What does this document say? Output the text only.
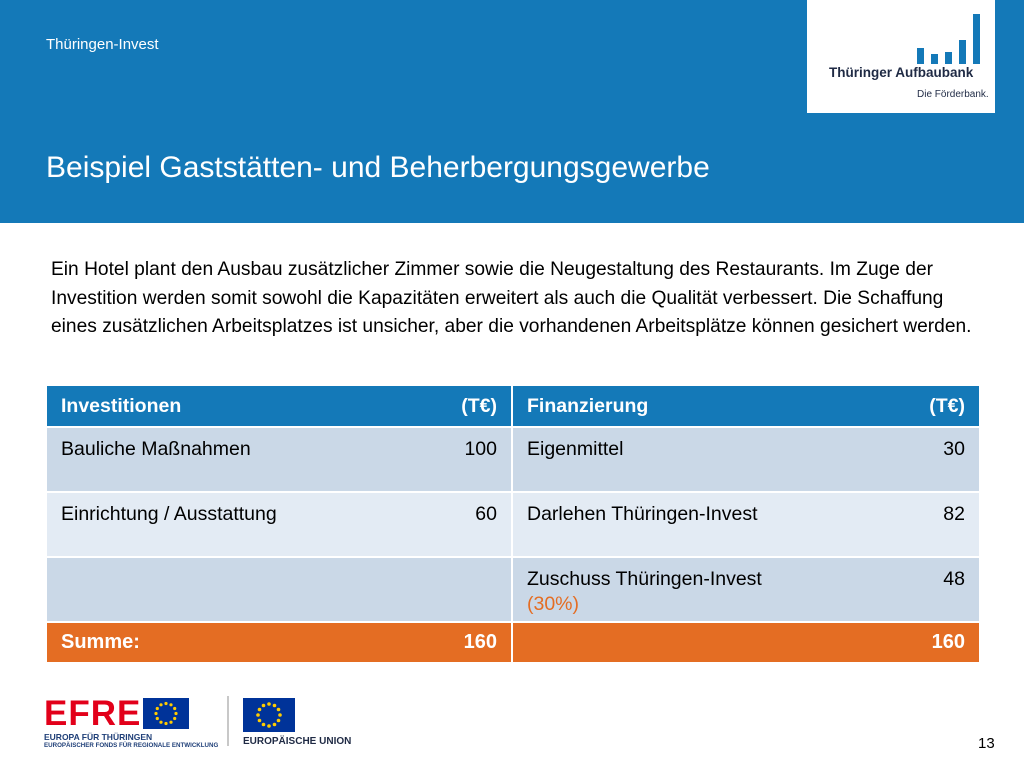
Thüringen-Invest
Beispiel Gaststätten- und Beherbergungsgewerbe
Thüringer Aufbaubank
Die Förderbank.

Ein Hotel plant den Ausbau zusätzlicher Zimmer sowie die Neugestaltung des Restaurants. Im Zuge der Investition werden somit sowohl die Kapazitäten erweitert als auch die Qualität verbessert. Die Schaffung eines zusätzlichen Arbeitsplatzes ist unsicher, aber die vorhandenen Arbeitsplätze können gesichert werden.

Investitionen (T€)	Finanzierung (T€)

Bauliche Maßnahmen 100	Eigenmittel 30

Einrichtung / Ausstattung 60	Darlehen Thüringen-Invest 82

	Zuschuss Thüringen-Invest 48
(30%)

Summe: 160	160
EFRE
EUROPA FÜR THÜRINGEN
EUROPÄISCHER FONDS FÜR REGIONALE ENTWICKLUNG EUROPÄISCHE UNION	13
